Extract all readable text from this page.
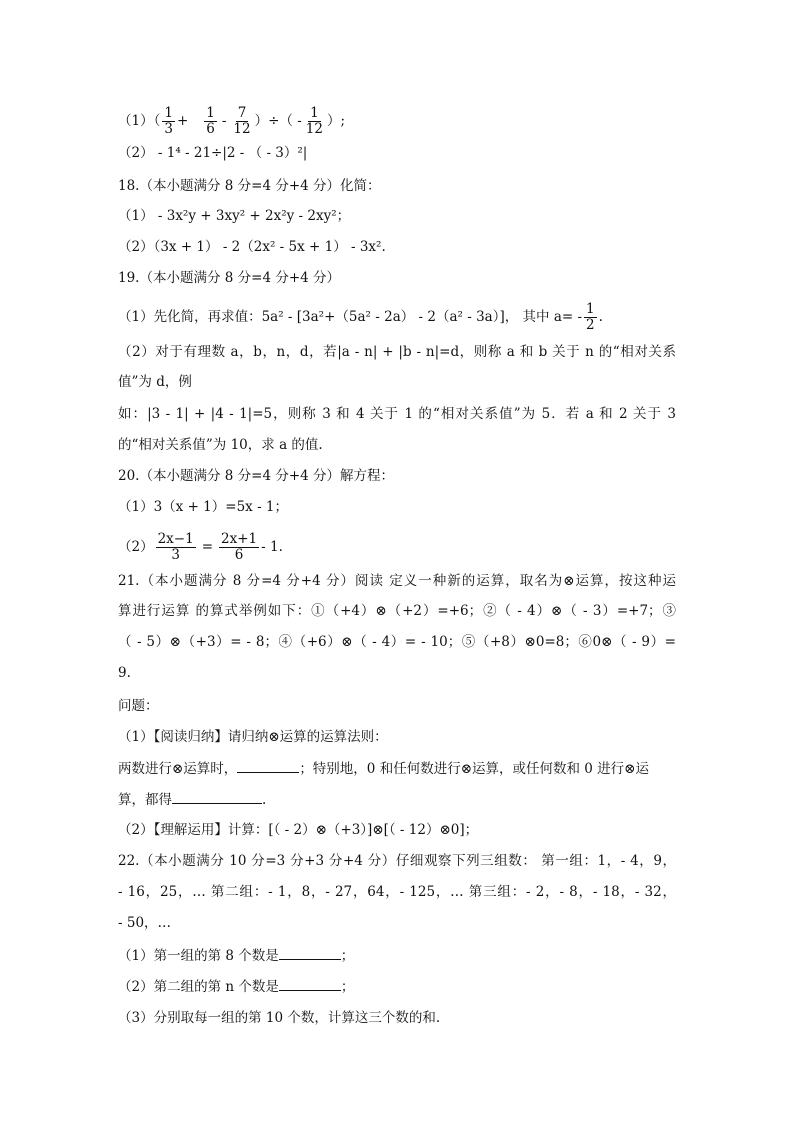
$(1)( \frac{1}{3} + \frac{1}{6} - \frac{7}{12}$ ）÷（ - $\frac{1}{12}$ ）;
（2） - 1⁴ - 21÷|2 - （ - 3）²|
18.（本小题满分 8 分=4 分+4 分）化简：
（1） - 3x²y + 3xy² + 2x²y - 2xy²；
（2）（3x + 1） - 2（2x² - 5x + 1） - 3x².
19.（本小题满分 8 分=4 分+4 分）
（1）先化简，再求值：5a² - [3a²+（5a² - 2a） - 2（a² - 3a）]， 其中 $a= - \frac{1}{2}$ .
（2）对于有理数 a，b，n，d，若|a - n| + |b - n|=d，则称 a 和 b 关于 n 的“相对关系
值”为 d，例
如：|3 - 1| + |4 - 1|=5，则称 3 和 4 关于 1 的“相对关系值”为 5．若 a 和 2 关于 3
的“相对关系值”为 10，求 a 的值.
20.（本小题满分 8 分=4 分+4 分）解方程：
（1）3（x + 1）=5x - 1；
$(2) \frac{2x-1}{3} = \frac{2x+1}{6} - 1$.
21.（本小题满分 8 分=4 分+4 分）阅读 定义一种新的运算，取名为⊗运算，按这种运
算进行运算 的算式举例如下：①（+4）⊗（+2）=+6；②（ - 4）⊗（ - 3）=+7；③
（ - 5）⊗（+3）= - 8；④（+6）⊗（ - 4）= - 10；⑤（+8）⊗0=8；⑥0⊗（ - 9）=
9.
问题：
（1）【阅读归纳】请归纳⊗运算的运算法则：
两数进行⊗运算时，	；特别地，0 和任何数进行⊗运算，或任何数和 0 进行⊗运
算，都得	.
（2）【理解运用】计算：[（ - 2）⊗（+3）]⊗[（ - 12）⊗0]；
22.（本小题满分 10 分=3 分+3 分+4 分）仔细观察下列三组数： 第一组：1，- 4，9，
- 16，25，… 第二组：- 1，8，- 27，64，- 125，… 第三组：- 2，- 8，- 18，- 32，
- 50，…
（1）第一组的第 8 个数是	；
（2）第二组的第 n 个数是	；
（3）分别取每一组的第 10 个数，计算这三个数的和.
